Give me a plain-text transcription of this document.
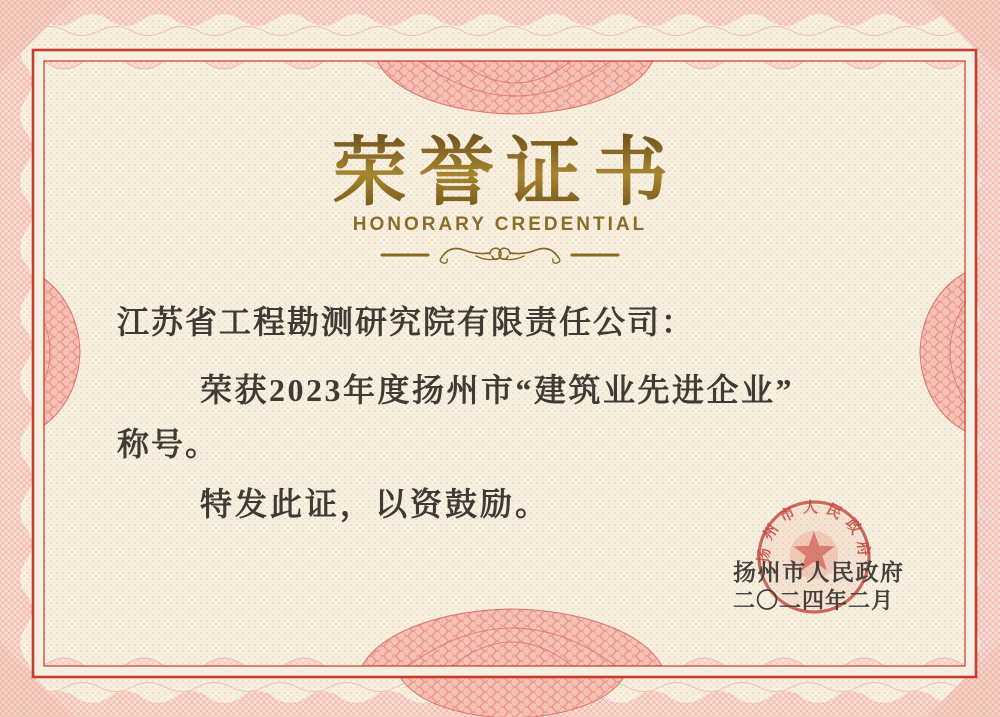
荣誉证书
HONORARY CREDENTIAL
江苏省工程勘测研究院有限责任公司：
荣获2023年度扬州市“建筑业先进企业”
称号。
特发此证，以资鼓励。
扬州市人民政府
扬州市人民政府
二〇二四年二月
